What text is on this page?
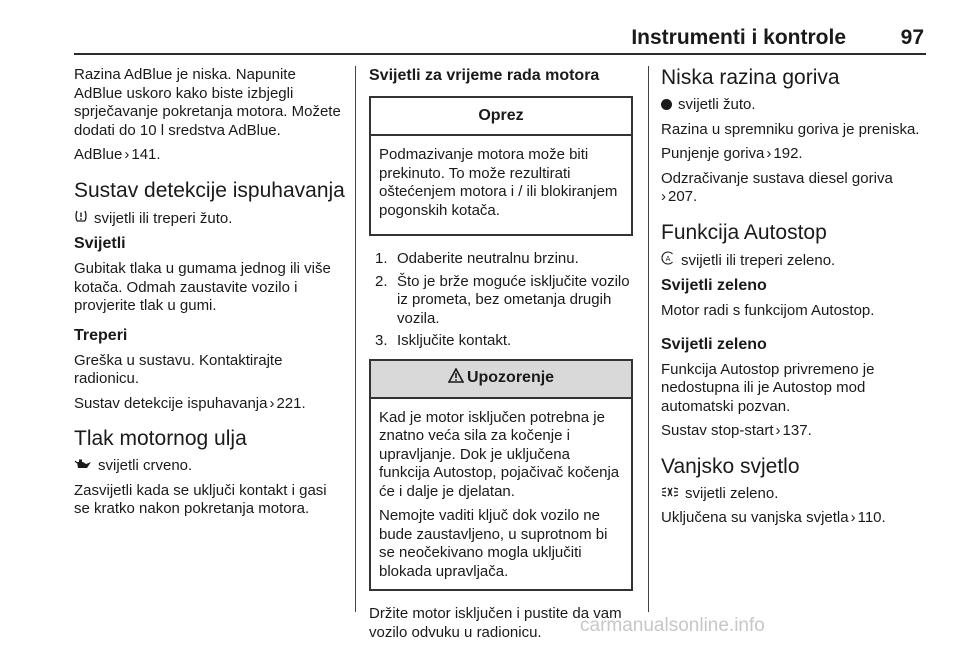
Instrumenti i kontrole	97

Razina AdBlue je niska. Napunite AdBlue uskoro kako biste izbjegli sprječavanje pokretanja motora. Možete dodati do 10 l sredstva AdBlue.

AdBlue › 141.

Sustav detekcije ispuhavanja

svijetli ili treperi žuto.

Svijetli

Gubitak tlaka u gumama jednog ili više kotača. Odmah zaustavite vozilo i provjerite tlak u gumi.

Treperi

Greška u sustavu. Kontaktirajte radionicu.

Sustav detekcije ispuhavanja › 221.

Tlak motornog ulja

svijetli crveno.

Zasvijetli kada se uključi kontakt i gasi se kratko nakon pokretanja motora.

Svijetli za vrijeme rada motora
Oprez

Podmazivanje motora može biti prekinuto. To može rezultirati oštećenjem motora i / ili blokiranjem pogonskih kotača.

1. Odaberite neutralnu brzinu.
2. Što je brže moguće isključite vozilo iz prometa, bez ometanja drugih vozila.
3. Isključite kontakt.
Upozorenje

Kad je motor isključen potrebna je znatno veća sila za kočenje i upravljanje. Dok je uključena funkcija Autostop, pojačivač kočenja će i dalje je djelatan.

Nemojte vaditi ključ dok vozilo ne bude zaustavljeno, u suprotnom bi se neočekivano mogla uključiti blokada upravljača.

Držite motor isključen i pustite da vam vozilo odvuku u radionicu.

Niska razina goriva

svijetli žuto.

Razina u spremniku goriva je preniska.

Punjenje goriva › 192.

Odzračivanje sustava diesel goriva
› 207.

Funkcija Autostop

A svijetli ili treperi zeleno.

Svijetli zeleno

Motor radi s funkcijom Autostop.

Svijetli zeleno

Funkcija Autostop privremeno je nedostupna ili je Autostop mod automatski pozvan.

Sustav stop-start › 137.

Vanjsko svjetlo

svijetli zeleno.

Uključena su vanjska svjetla › 110.

carmanualsonline.info
